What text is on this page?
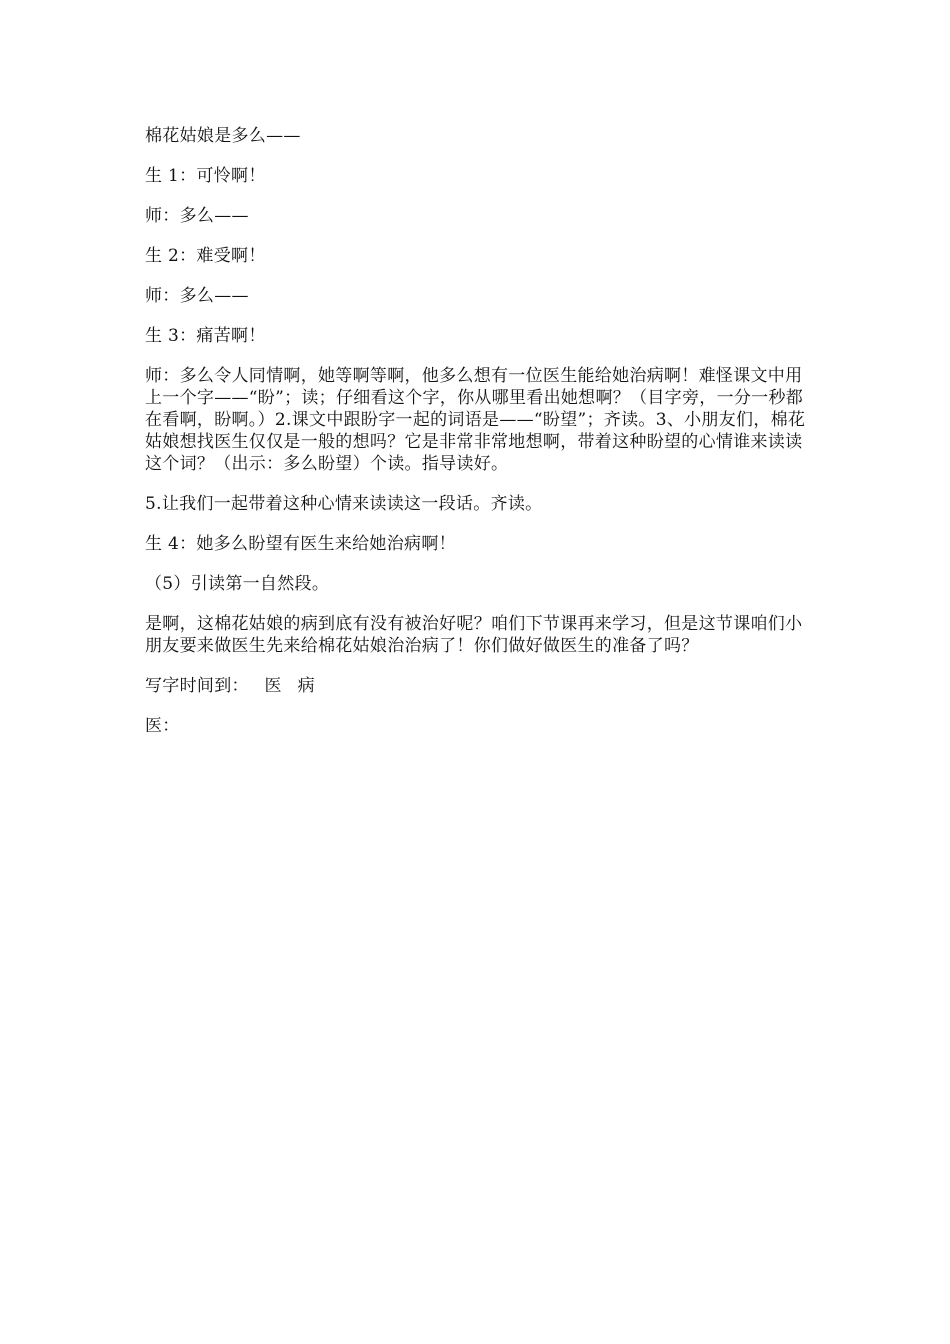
棉花姑娘是多么——

生 1：可怜啊！

师：多么——

生 2：难受啊！

师：多么——

生 3：痛苦啊！

师：多么令人同情啊，她等啊等啊，他多么想有一位医生能给她治病啊！难怪课文中用上一个字——“盼”；读；仔细看这个字，你从哪里看出她想啊？（目字旁，一分一秒都在看啊，盼啊。）2.课文中跟盼字一起的词语是——“盼望”；齐读。3、小朋友们，棉花姑娘想找医生仅仅是一般的想吗？它是非常非常地想啊，带着这种盼望的心情谁来读读这个词？（出示：多么盼望）个读。指导读好。

5.让我们一起带着这种心情来读读这一段话。齐读。

生 4：她多么盼望有医生来给她治病啊！

（5）引读第一自然段。

是啊，这棉花姑娘的病到底有没有被治好呢？咱们下节课再来学习，但是这节课咱们小朋友要来做医生先来给棉花姑娘治治病了！你们做好做医生的准备了吗？

写字时间到： 医 病

医：
